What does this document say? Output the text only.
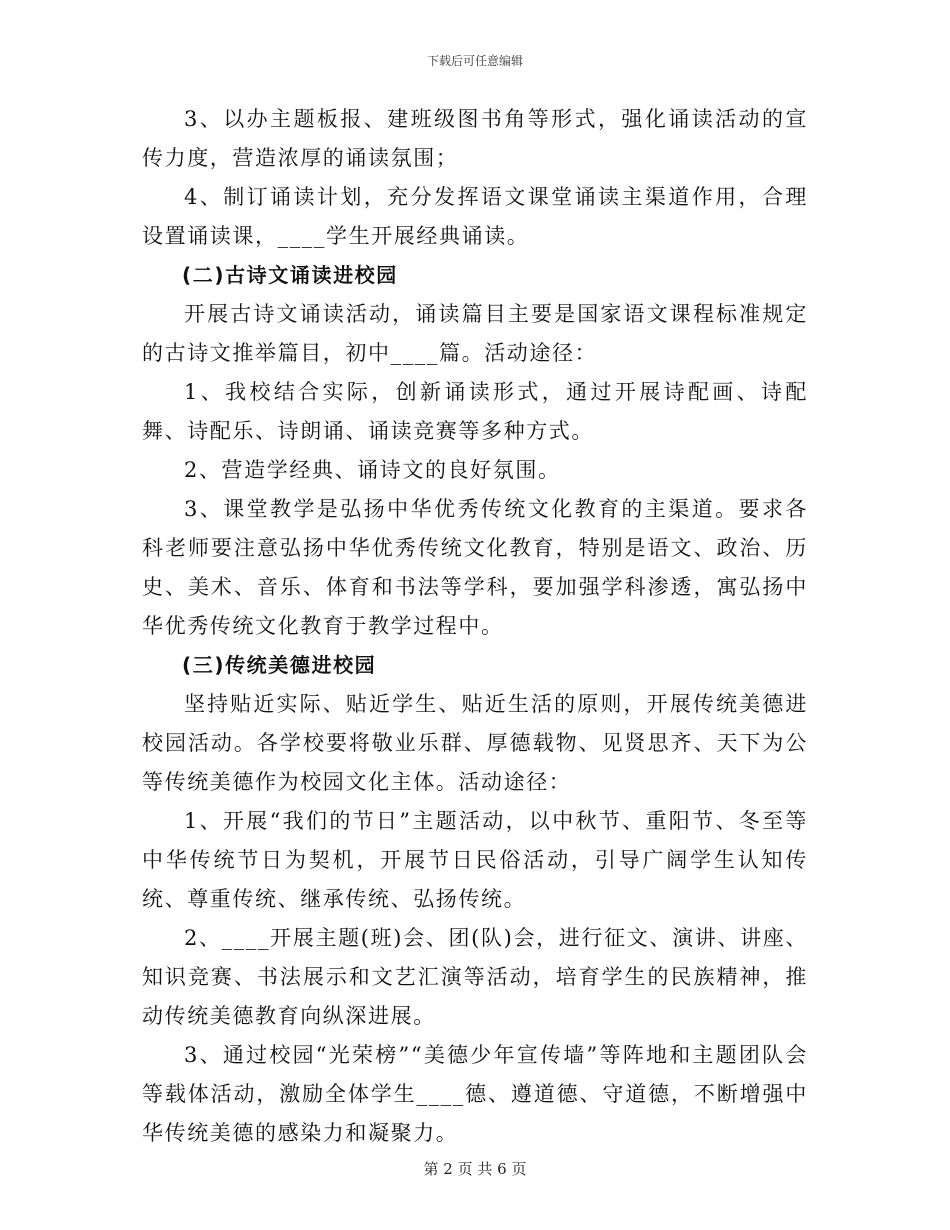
下载后可任意编辑

3、以办主题板报、建班级图书角等形式，强化诵读活动的宣传力度，营造浓厚的诵读氛围；

4、制订诵读计划，充分发挥语文课堂诵读主渠道作用，合理设置诵读课，____学生开展经典诵读。

(二)古诗文诵读进校园

开展古诗文诵读活动，诵读篇目主要是国家语文课程标准规定的古诗文推举篇目，初中____篇。活动途径：

1、我校结合实际，创新诵读形式，通过开展诗配画、诗配舞、诗配乐、诗朗诵、诵读竞赛等多种方式。

2、营造学经典、诵诗文的良好氛围。

3、课堂教学是弘扬中华优秀传统文化教育的主渠道。要求各科老师要注意弘扬中华优秀传统文化教育，特别是语文、政治、历史、美术、音乐、体育和书法等学科，要加强学科渗透，寓弘扬中华优秀传统文化教育于教学过程中。

(三)传统美德进校园

坚持贴近实际、贴近学生、贴近生活的原则，开展传统美德进校园活动。各学校要将敬业乐群、厚德载物、见贤思齐、天下为公等传统美德作为校园文化主体。活动途径：

1、开展“我们的节日”主题活动，以中秋节、重阳节、冬至等中华传统节日为契机，开展节日民俗活动，引导广阔学生认知传统、尊重传统、继承传统、弘扬传统。

2、____开展主题(班)会、团(队)会，进行征文、演讲、讲座、知识竞赛、书法展示和文艺汇演等活动，培育学生的民族精神，推动传统美德教育向纵深进展。

3、通过校园“光荣榜”“美德少年宣传墙”等阵地和主题团队会等载体活动，激励全体学生____德、遵道德、守道德，不断增强中华传统美德的感染力和凝聚力。

第 2 页 共 6 页
